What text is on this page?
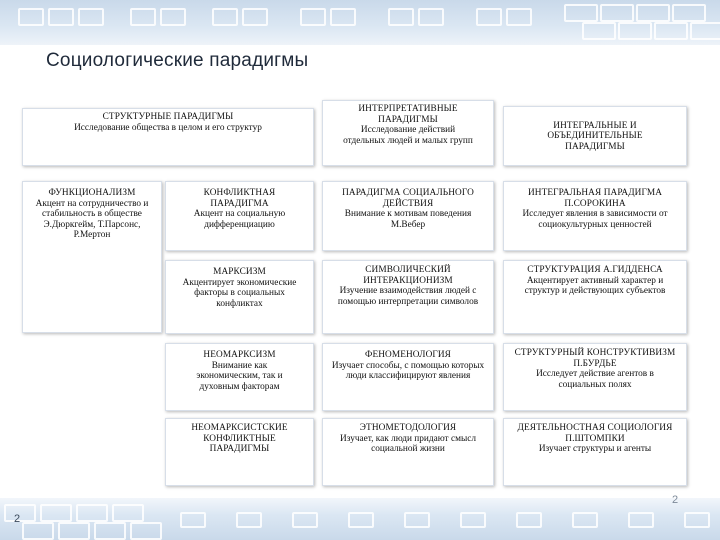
Социологические парадигмы
2
2
СТРУКТУРНЫЕ ПАРАДИГМЫ
Исследование общества в целом и его структур
ИНТЕРПРЕТАТИВНЫЕ ПАРАДИГМЫ
Исследование действий отдельных людей и малых групп
ИНТЕГРАЛЬНЫЕ И ОБЪЕДИНИТЕЛЬНЫЕ ПАРАДИГМЫ
ФУНКЦИОНАЛИЗМ
Акцент на сотрудничество и стабильность в обществе Э.Дюркгейм, Т.Парсонс, Р.Мертон
КОНФЛИКТНАЯ ПАРАДИГМА
Акцент на социальную дифференциацию
МАРКСИЗМ
Акцентирует экономические факторы в социальных конфликтах
НЕОМАРКСИЗМ
Внимание как экономическим, так и духовным факторам
НЕОМАРКСИСТСКИЕ КОНФЛИКТНЫЕ ПАРАДИГМЫ
ПАРАДИГМА СОЦИАЛЬНОГО ДЕЙСТВИЯ
Внимание к мотивам поведения М.Вебер
СИМВОЛИЧЕСКИЙ ИНТЕРАКЦИОНИЗМ
Изучение взаимодействия людей с помощью интерпретации символов
ФЕНОМЕНОЛОГИЯ
Изучает способы, с помощью которых люди классифицируют явления
ЭТНОМЕТОДОЛОГИЯ
Изучает, как люди придают смысл социальной жизни
ИНТЕГРАЛЬНАЯ ПАРАДИГМА П.СОРОКИНА
Исследует явления в зависимости от социокультурных ценностей
СТРУКТУРАЦИЯ А.ГИДДЕНСА
Акцентирует активный характер и структур и действующих субъектов
СТРУКТУРНЫЙ КОНСТРУКТИВИЗМ П.БУРДЬЕ
Исследует действие агентов в социальных полях
ДЕЯТЕЛЬНОСТНАЯ СОЦИОЛОГИЯ П.ШТОМПКИ
Изучает структуры и агенты
